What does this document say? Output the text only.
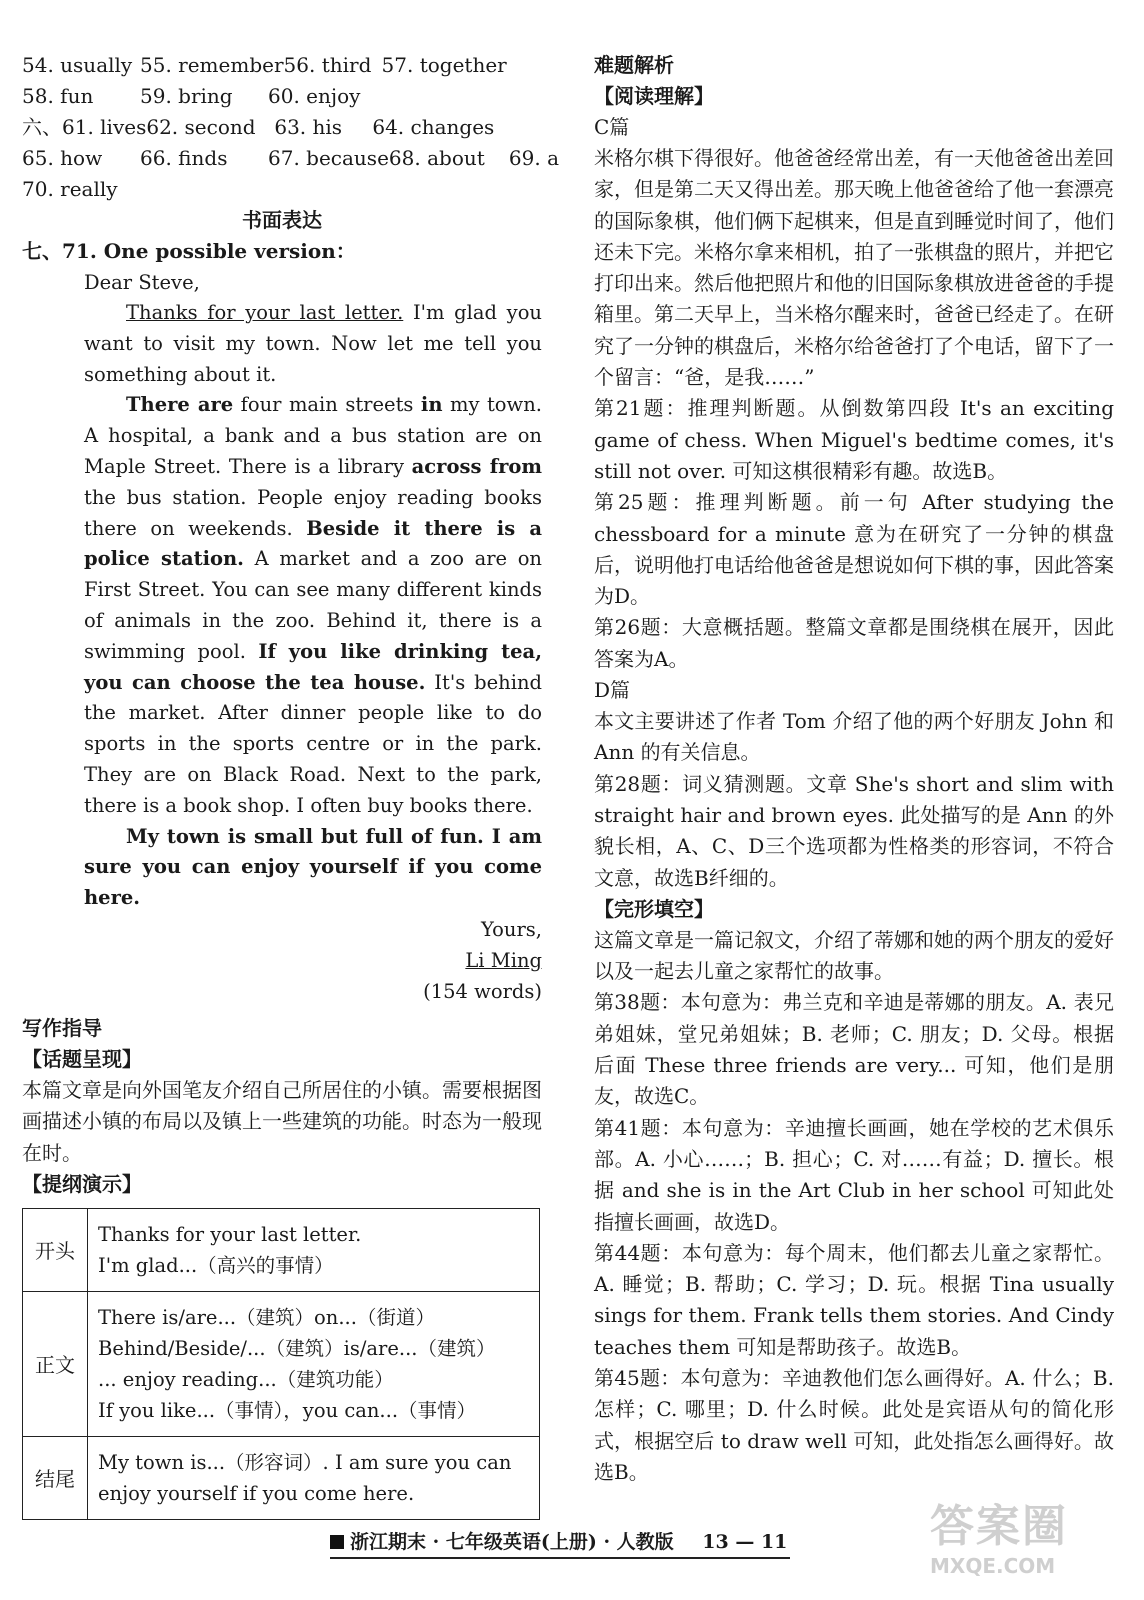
54. usually 55. remember56. third 57. together
58. fun 59. bring 60. enjoy
六、61. lives62. second 63. his 64. changes
65. how 66. finds 67. because68. about 69. a
70. really
书面表达
七、71. One possible version：
Dear Steve,
Thanks for your last letter. I'm glad you want to visit my town. Now let me tell you something about it.
There are four main streets in my town. A hospital, a bank and a bus station are on Maple Street. There is a library across from the bus station. People enjoy reading books there on weekends. Beside it there is a police station. A market and a zoo are on First Street. You can see many different kinds of animals in the zoo. Behind it, there is a swimming pool. If you like drinking tea, you can choose the tea house. It's behind the market. After dinner people like to do sports in the sports centre or in the park. They are on Black Road. Next to the park, there is a book shop. I often buy books there.
My town is small but full of fun. I am sure you can enjoy yourself if you come here.
Yours,
Li Ming
(154 words)
写作指导
【话题呈现】
本篇文章是向外国笔友介绍自己所居住的小镇。需要根据图画描述小镇的布局以及镇上一些建筑的功能。时态为一般现在时。
【提纲演示】
开头	Thanks for your last letter.
I'm glad...（高兴的事情）

正文	There is/are...（建筑）on...（街道）
Behind/Beside/...（建筑）is/are...（建筑）
... enjoy reading...（建筑功能）
If you like...（事情），you can...（事情）

结尾	My town is...（形容词）. I am sure you can enjoy yourself if you come here.
难题解析
【阅读理解】
C篇
米格尔棋下得很好。他爸爸经常出差，有一天他爸爸出差回家，但是第二天又得出差。那天晚上他爸爸给了他一套漂亮的国际象棋，他们俩下起棋来，但是直到睡觉时间了，他们还未下完。米格尔拿来相机，拍了一张棋盘的照片，并把它打印出来。然后他把照片和他的旧国际象棋放进爸爸的手提箱里。第二天早上，当米格尔醒来时，爸爸已经走了。在研究了一分钟的棋盘后，米格尔给爸爸打了个电话，留下了一个留言：“爸，是我……”
第21题：推理判断题。从倒数第四段 It's an exciting game of chess. When Miguel's bedtime comes, it's still not over. 可知这棋很精彩有趣。故选B。
第25题：推理判断题。前一句 After studying the chessboard for a minute 意为在研究了一分钟的棋盘后，说明他打电话给他爸爸是想说如何下棋的事，因此答案为D。
第26题：大意概括题。整篇文章都是围绕棋在展开，因此答案为A。
D篇
本文主要讲述了作者 Tom 介绍了他的两个好朋友 John 和 Ann 的有关信息。
第28题：词义猜测题。文章 She's short and slim with straight hair and brown eyes. 此处描写的是 Ann 的外貌长相，A、C、D三个选项都为性格类的形容词，不符合文意，故选B纤细的。
【完形填空】
这篇文章是一篇记叙文，介绍了蒂娜和她的两个朋友的爱好以及一起去儿童之家帮忙的故事。
第38题：本句意为：弗兰克和辛迪是蒂娜的朋友。A. 表兄弟姐妹，堂兄弟姐妹；B. 老师；C. 朋友；D. 父母。根据后面 These three friends are very... 可知，他们是朋友，故选C。
第41题：本句意为：辛迪擅长画画，她在学校的艺术俱乐部。A. 小心……；B. 担心；C. 对……有益；D. 擅长。根据 and she is in the Art Club in her school 可知此处指擅长画画，故选D。
第44题：本句意为：每个周末，他们都去儿童之家帮忙。A. 睡觉；B. 帮助；C. 学习；D. 玩。根据 Tina usually sings for them. Frank tells them stories. And Cindy teaches them 可知是帮助孩子。故选B。
第45题：本句意为：辛迪教他们怎么画得好。A. 什么；B. 怎样；C. 哪里；D. 什么时候。此处是宾语从句的简化形式，根据空后 to draw well 可知，此处指怎么画得好。故选B。
浙江期末 · 七年级英语(上册) · 人教版 13 — 11	答案圈
MXQE.COM
